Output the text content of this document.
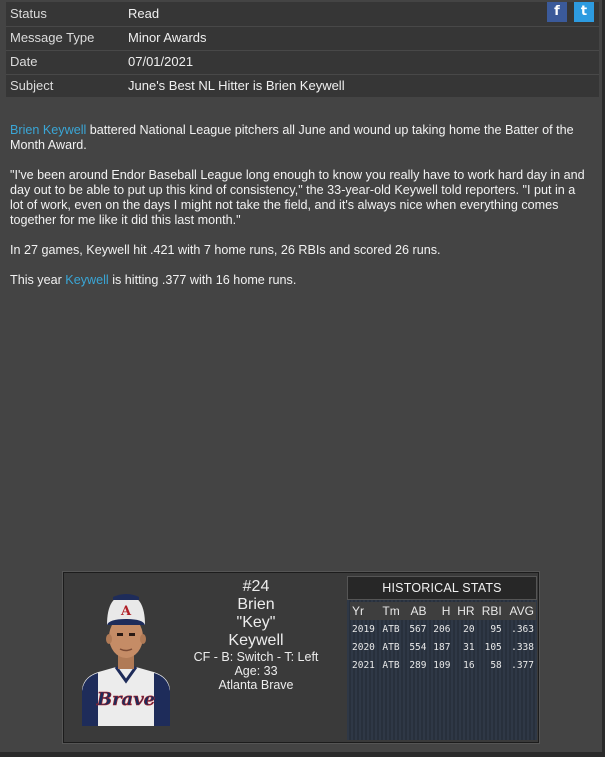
Status	Read
Message Type	Minor Awards
Date	07/01/2021
Subject	June's Best NL Hitter is Brien Keywell
f	t

Brien Keywell battered National League pitchers all June and wound up taking home the Batter of the Month Award.

"I've been around Endor Baseball League long enough to know you really have to work hard day in and day out to be able to put up this kind of consistency," the 33-year-old Keywell told reporters. "I put in a lot of work, even on the days I might not take the field, and it's always nice when everything comes together for me like it did this last month."

In 27 games, Keywell hit .421 with 7 home runs, 26 RBIs and scored 26 runs.

This year Keywell is hitting .377 with 16 home runs.

Brave
A
#24
Brien
"Key"
Keywell
CF - B: Switch - T: Left
Age: 33
Atlanta Brave
HISTORICAL STATS
Yr	Tm	AB	H	HR	RBI	AVG
2019	ATB	567	206	20	95	.363
2020	ATB	554	187	31	105	.338
2021	ATB	289	109	16	58	.377
